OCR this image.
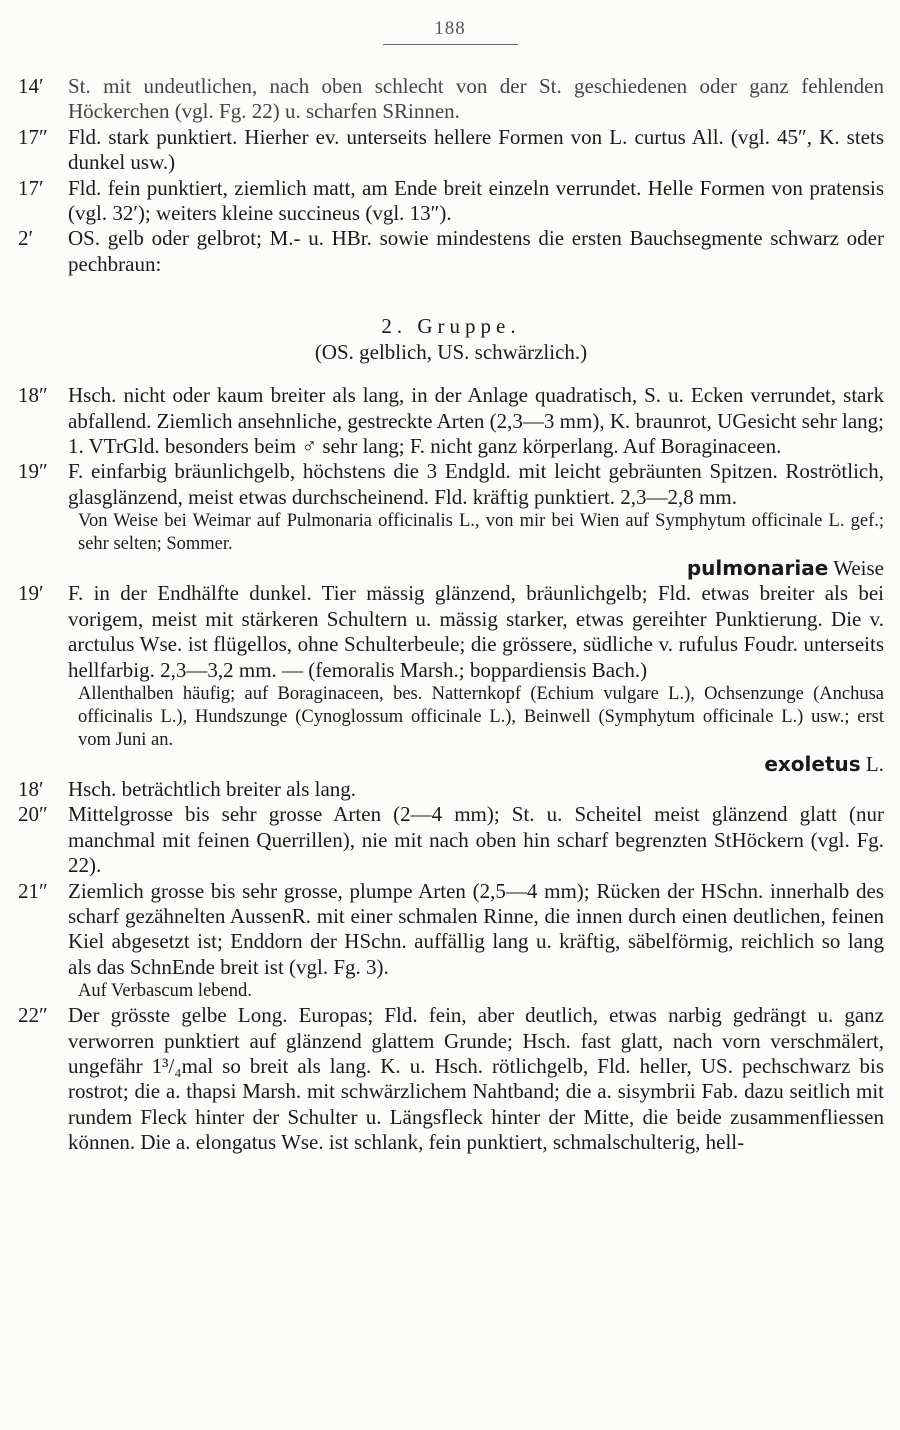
188
14′	St. mit undeutlichen, nach oben schlecht von der St. geschiedenen oder ganz fehlenden Höckerchen (vgl. Fg. 22) u. scharfen SRinnen.
17″ Fld. stark punktiert. Hierher ev. unterseits hellere Formen von L. curtus All. (vgl. 45″, K. stets dunkel usw.)
17′	Fld. fein punktiert, ziemlich matt, am Ende breit einzeln verrundet. Helle Formen von pratensis (vgl. 32′); weiters kleine succineus (vgl. 13″).
2′	OS. gelb oder gelbrot; M.- u. HBr. sowie mindestens die ersten Bauchsegmente schwarz oder pechbraun:
2. Gruppe.
(OS. gelblich, US. schwärzlich.)
18″ Hsch. nicht oder kaum breiter als lang, in der Anlage quadratisch, S. u. Ecken verrundet, stark abfallend. Ziemlich ansehnliche, gestreckte Arten (2,3—3 mm), K. braunrot, UGesicht sehr lang; 1. VTrGld. besonders beim ♂ sehr lang; F. nicht ganz körperlang. Auf Boraginaceen.
19″ F. einfarbig bräunlichgelb, höchstens die 3 Endgld. mit leicht gebräunten Spitzen. Roströtlich, glasglänzend, meist etwas durchscheinend. Fld. kräftig punktiert. 2,3—2,8 mm.
Von Weise bei Weimar auf Pulmonaria officinalis L., von mir bei Wien auf Symphytum officinale L. gef.; sehr selten; Sommer.
pulmonariae Weise
19′	F. in der Endhälfte dunkel. Tier mässig glänzend, bräunlichgelb; Fld. etwas breiter als bei vorigem, meist mit stärkeren Schultern u. mässig starker, etwas gereihter Punktierung. Die v. arctulus Wse. ist flügellos, ohne Schulterbeule; die grössere, südliche v. rufulus Foudr. unterseits hellfarbig. 2,3—3,2 mm. — (femoralis Marsh.; boppardiensis Bach.)
Allenthalben häufig; auf Boraginaceen, bes. Natternkopf (Echium vulgare L.), Ochsenzunge (Anchusa officinalis L.), Hundszunge (Cynoglossum officinale L.), Beinwell (Symphytum officinale L.) usw.; erst vom Juni an.
exoletus L.
18′	Hsch. beträchtlich breiter als lang.
20″ Mittelgrosse bis sehr grosse Arten (2—4 mm); St. u. Scheitel meist glänzend glatt (nur manchmal mit feinen Querrillen), nie mit nach oben hin scharf begrenzten StHöckern (vgl. Fg. 22).
21″ Ziemlich grosse bis sehr grosse, plumpe Arten (2,5—4 mm); Rücken der HSchn. innerhalb des scharf gezähnelten AussenR. mit einer schmalen Rinne, die innen durch einen deutlichen, feinen Kiel abgesetzt ist; Enddorn der HSchn. auffällig lang u. kräftig, säbelförmig, reichlich so lang als das SchnEnde breit ist (vgl. Fg. 3).
Auf Verbascum lebend.
22″ Der grösste gelbe Long. Europas; Fld. fein, aber deutlich, etwas narbig gedrängt u. ganz verworren punktiert auf glänzend glattem Grunde; Hsch. fast glatt, nach vorn verschmälert, ungefähr 1³/₄mal so breit als lang. K. u. Hsch. rötlichgelb, Fld. heller, US. pechschwarz bis rostrot; die a. thapsi Marsh. mit schwärzlichem Nahtband; die a. sisymbrii Fab. dazu seitlich mit rundem Fleck hinter der Schulter u. Längsfleck hinter der Mitte, die beide zusammenfliessen können. Die a. elongatus Wse. ist schlank, fein punktiert, schmalschulterig, hell-
